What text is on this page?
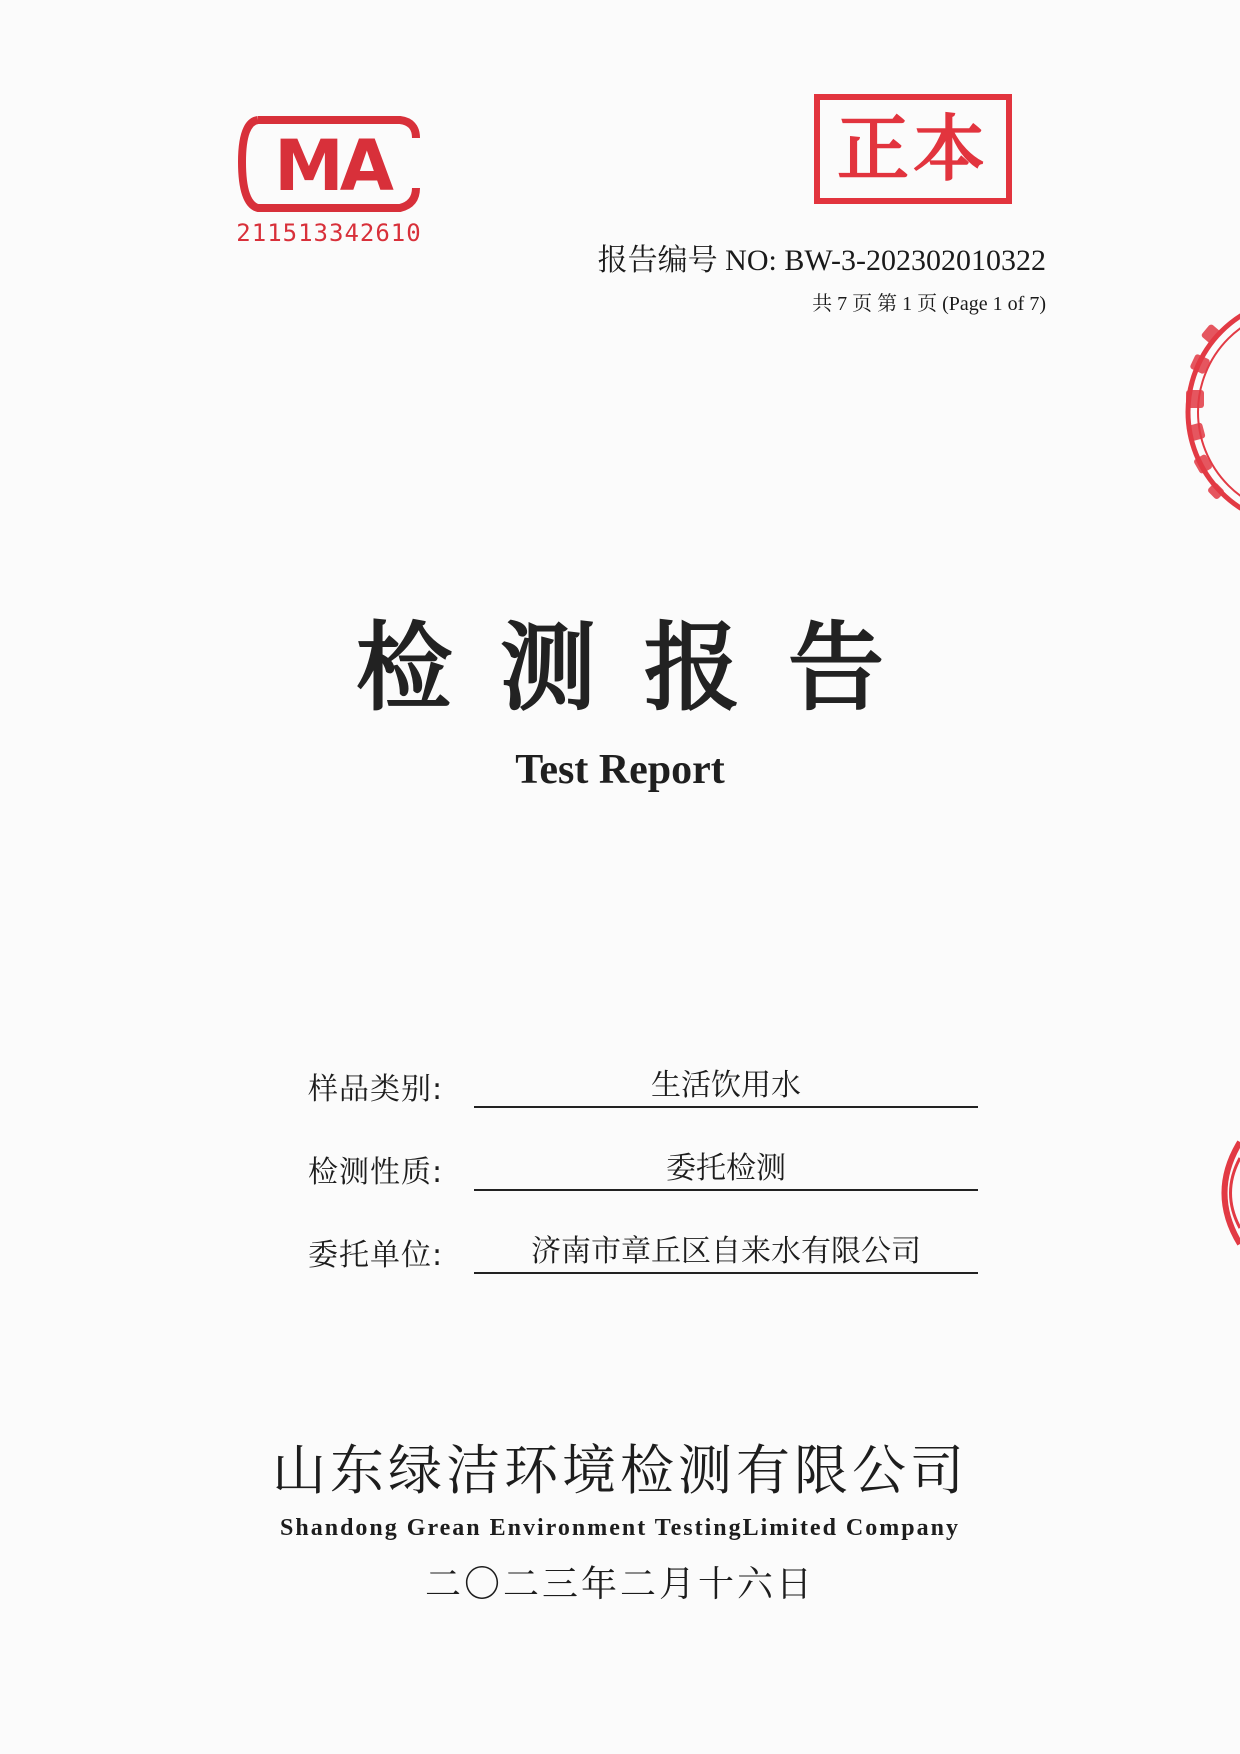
MA
211513342610
正本
报告编号 NO: BW-3-202302010322
共 7 页 第 1 页 (Page 1 of 7)
检测报告
Test Report
样品类别:	生活饮用水
检测性质:	委托检测
委托单位:	济南市章丘区自来水有限公司
山东绿洁环境检测有限公司
Shandong Grean Environment TestingLimited Company
二〇二三年二月十六日
